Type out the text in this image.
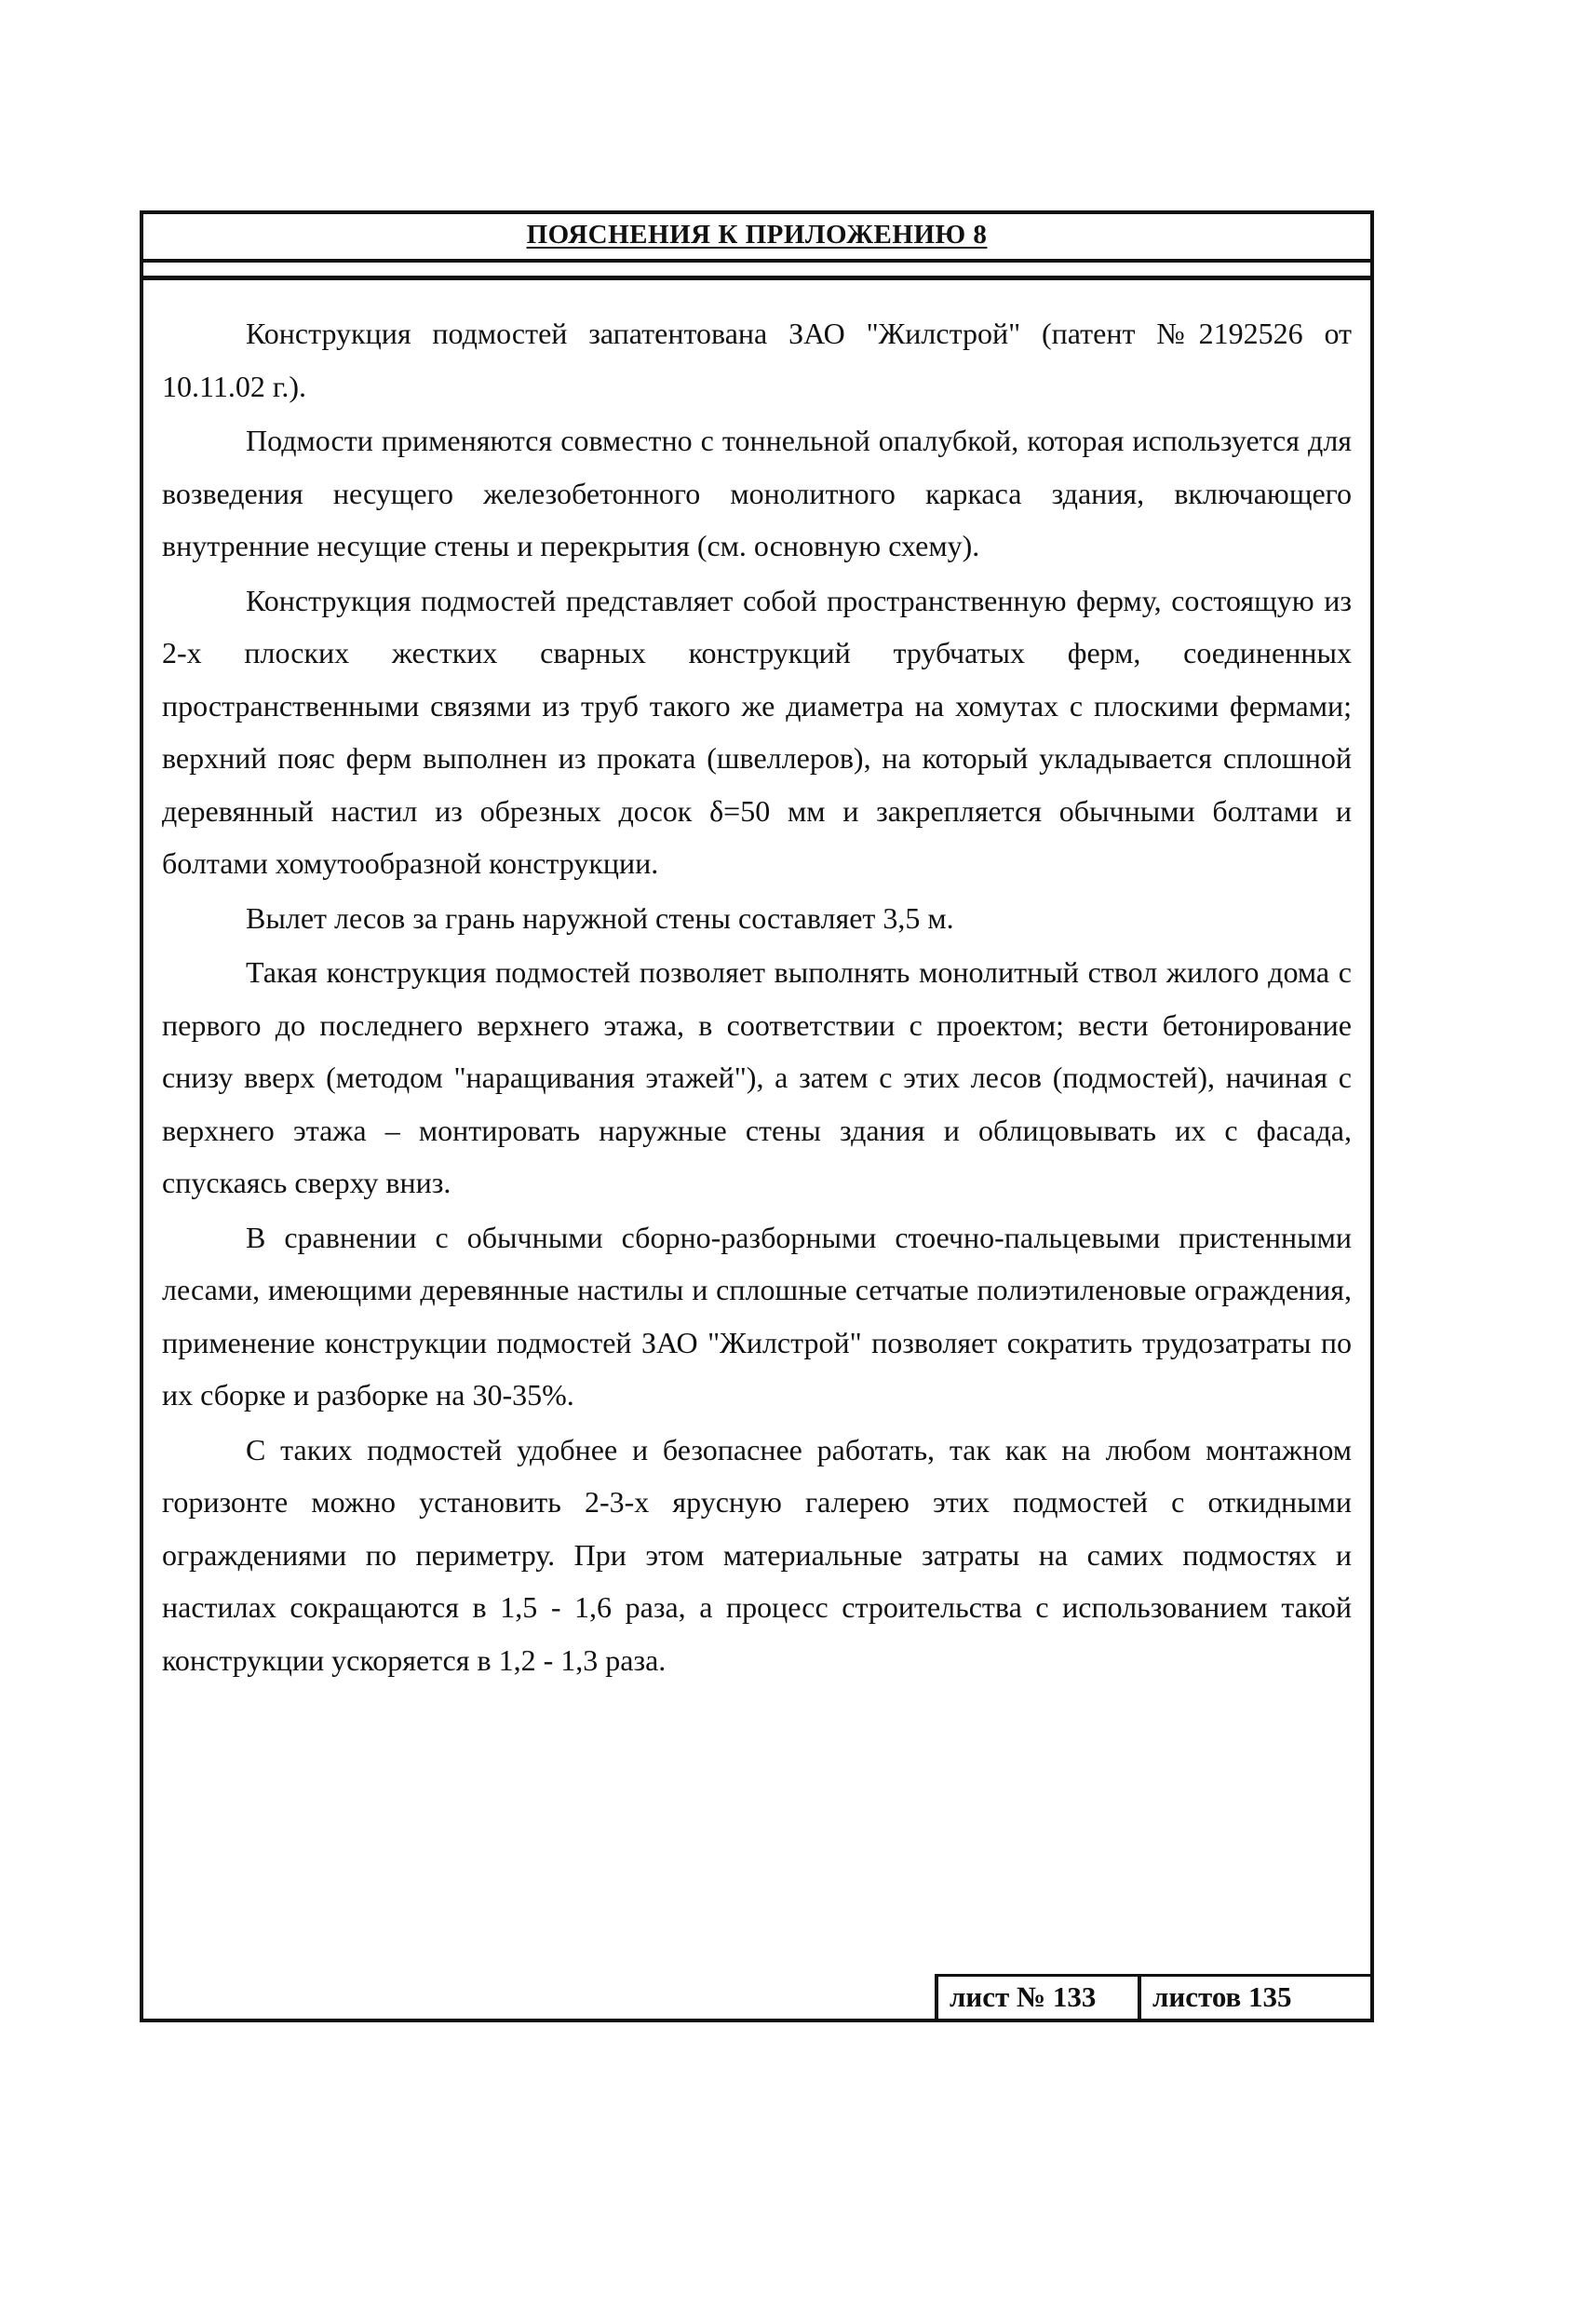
ПОЯСНЕНИЯ К ПРИЛОЖЕНИЮ 8

Конструкция подмостей запатентована ЗАО "Жилстрой" (патент №2192526 от 10.11.02 г.).

Подмости применяются совместно с тоннельной опалубкой, которая используется для возведения несущего железобетонного монолитного каркаса здания, включающего внутренние несущие стены и перекрытия (см. основную схему).

Конструкция подмостей представляет собой пространственную ферму, состоящую из 2-х плоских жестких сварных конструкций трубчатых ферм, соединенных пространственными связями из труб такого же диаметра на хомутах с плоскими фермами; верхний пояс ферм выполнен из проката (швеллеров), на который укладывается сплошной деревянный настил из обрезных досок δ=50 мм и закрепляется обычными болтами и болтами хомутообразной конструкции.

Вылет лесов за грань наружной стены составляет 3,5 м.

Такая конструкция подмостей позволяет выполнять монолитный ствол жилого дома с первого до последнего верхнего этажа, в соответствии с проектом; вести бетонирование снизу вверх (методом "наращивания этажей"), а затем с этих лесов (подмостей), начиная с верхнего этажа – монтировать наружные стены здания и облицовывать их с фасада, спускаясь сверху вниз.

В сравнении с обычными сборно-разборными стоечно-пальцевыми пристенными лесами, имеющими деревянные настилы и сплошные сетчатые полиэтиленовые ограждения, применение конструкции подмостей ЗАО "Жилстрой" позволяет сократить трудозатраты по их сборке и разборке на 30-35%.

С таких подмостей удобнее и безопаснее работать, так как на любом монтажном горизонте можно установить 2-3-х ярусную галерею этих подмостей с откидными ограждениями по периметру. При этом материальные затраты на самих подмостях и настилах сокращаются в 1,5 - 1,6 раза, а процесс строительства с использованием такой конструкции ускоряется в 1,2 - 1,3 раза.

лист № 133	листов 135
